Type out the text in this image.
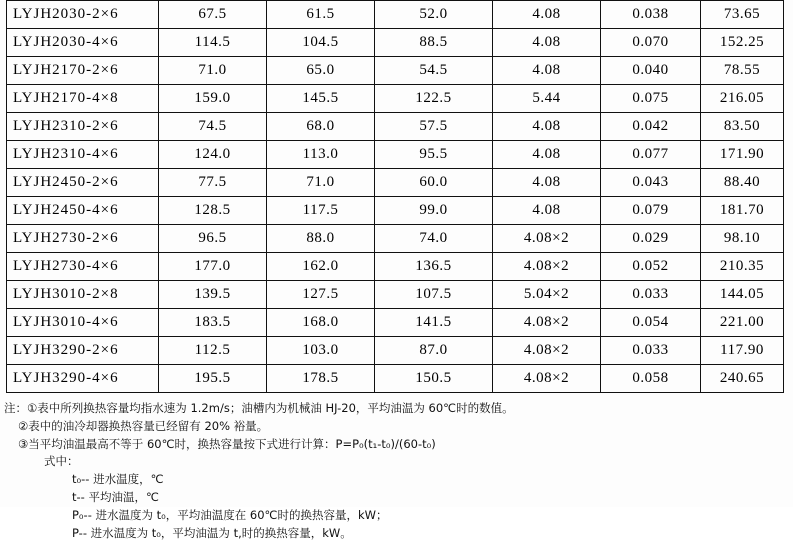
LYJH2030-2×6	67.5	61.5	52.0	4.08	0.038	73.65
LYJH2030-4×6	114.5	104.5	88.5	4.08	0.070	152.25
LYJH2170-2×6	71.0	65.0	54.5	4.08	0.040	78.55
LYJH2170-4×8	159.0	145.5	122.5	5.44	0.075	216.05
LYJH2310-2×6	74.5	68.0	57.5	4.08	0.042	83.50
LYJH2310-4×6	124.0	113.0	95.5	4.08	0.077	171.90
LYJH2450-2×6	77.5	71.0	60.0	4.08	0.043	88.40
LYJH2450-4×6	128.5	117.5	99.0	4.08	0.079	181.70
LYJH2730-2×6	96.5	88.0	74.0	4.08×2	0.029	98.10
LYJH2730-4×6	177.0	162.0	136.5	4.08×2	0.052	210.35
LYJH3010-2×8	139.5	127.5	107.5	5.04×2	0.033	144.05
LYJH3010-4×6	183.5	168.0	141.5	4.08×2	0.054	221.00
LYJH3290-2×6	112.5	103.0	87.0	4.08×2	0.033	117.90
LYJH3290-4×6	195.5	178.5	150.5	4.08×2	0.058	240.65
注：①表中所列换热容量均指水速为 1.2m/s；油槽内为机械油 HJ-20，平均油温为 60℃时的数值。
②表中的油冷却器换热容量已经留有 20% 裕量。
③当平均油温最高不等于 60℃时，换热容量按下式进行计算：P=P₀(t₁-t₀)/(60-t₀)
式中：
t₀-- 进水温度，℃
t-- 平均油温，℃
P₀-- 进水温度为 t₀，平均油温度在 60℃时的换热容量，kW；
P-- 进水温度为 t₀，平均油温为 t,时的换热容量，kW。
